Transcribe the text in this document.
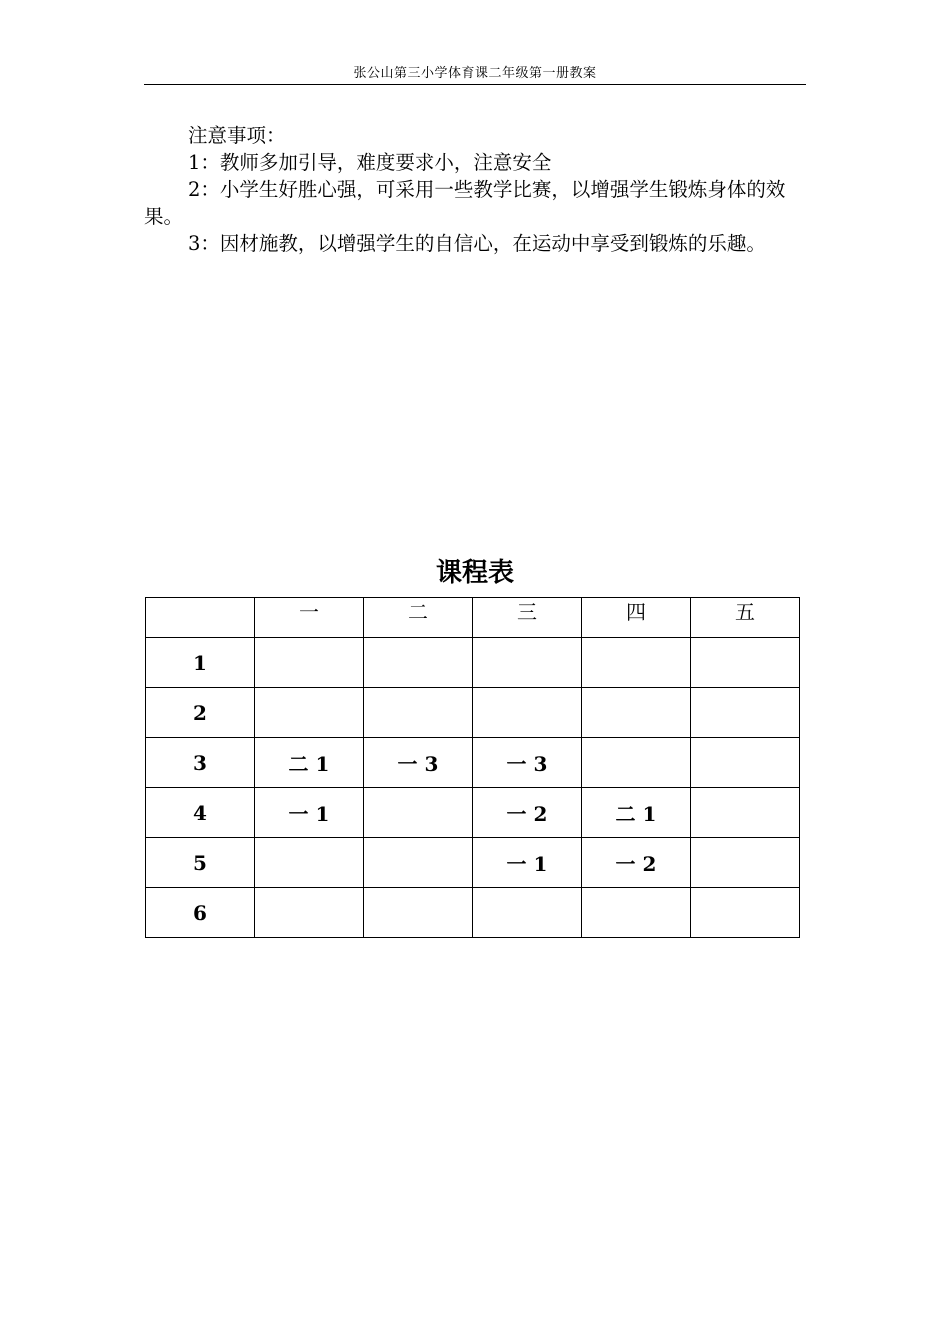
张公山第三小学体育课二年级第一册教案

注意事项：

1：教师多加引导，难度要求小，注意安全

2：小学生好胜心强，可采用一些教学比赛，以增强学生锻炼身体的效果。

3：因材施教，以增强学生的自信心，在运动中享受到锻炼的乐趣。

课程表
	一	二	三	四	五
1					
2					
3	二 1	一 3	一 3		
4	一 1		一 2	二 1	
5			一 1	一 2	
6					
